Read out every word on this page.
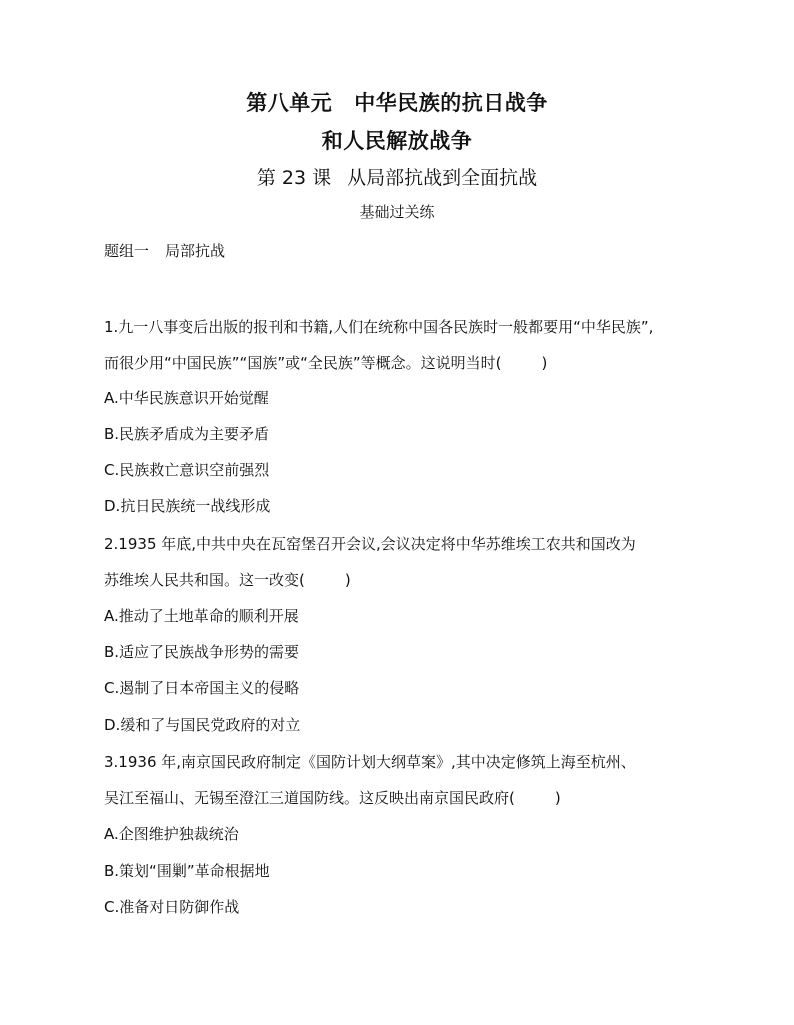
第八单元 中华民族的抗日战争
和人民解放战争
第 23 课 从局部抗战到全面抗战
基础过关练
题组一 局部抗战
1.九一八事变后出版的报刊和书籍,人们在统称中国各民族时一般都要用“中华民族”,
而很少用“中国民族”“国族”或“全民族”等概念。这说明当时(	)
A.中华民族意识开始觉醒
B.民族矛盾成为主要矛盾
C.民族救亡意识空前强烈
D.抗日民族统一战线形成
2.1935 年底,中共中央在瓦窑堡召开会议,会议决定将中华苏维埃工农共和国改为
苏维埃人民共和国。这一改变(	)
A.推动了土地革命的顺利开展
B.适应了民族战争形势的需要
C.遏制了日本帝国主义的侵略
D.缓和了与国民党政府的对立
3.1936 年,南京国民政府制定《国防计划大纲草案》,其中决定修筑上海至杭州、
吴江至福山、无锡至澄江三道国防线。这反映出南京国民政府(	)
A.企图维护独裁统治
B.策划“围剿”革命根据地
C.准备对日防御作战
